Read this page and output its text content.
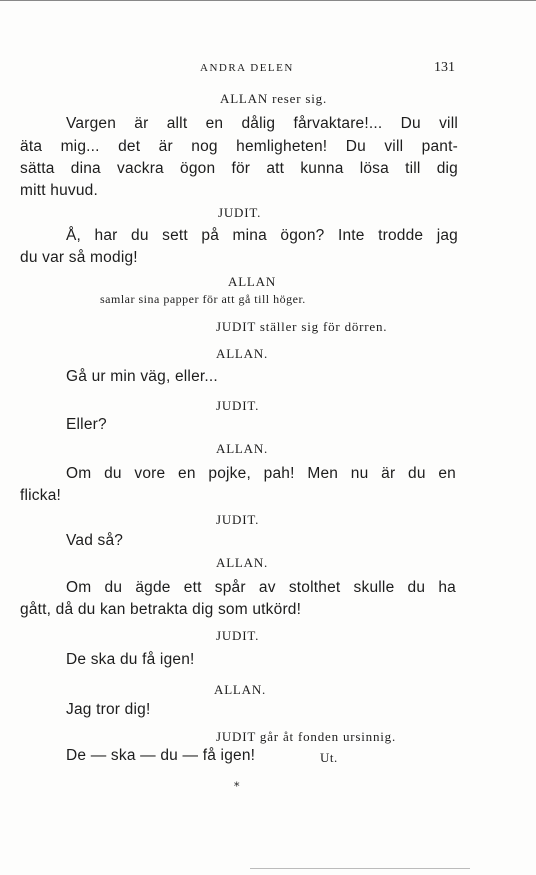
ANDRA DELEN	131
ALLAN reser sig.
Vargen är allt en dålig fårvaktare!... Du vill
äta mig... det är nog hemligheten! Du vill pant-
sätta dina vackra ögon för att kunna lösa till dig
mitt huvud.
JUDIT.
Å, har du sett på mina ögon? Inte trodde jag
du var så modig!
ALLAN
samlar sina papper för att gå till höger.
JUDIT ställer sig för dörren.
ALLAN.
Gå ur min väg, eller...
JUDIT.
Eller?
ALLAN.
Om du vore en pojke, pah! Men nu är du en
flicka!
JUDIT.
Vad så?
ALLAN.
Om du ägde ett spår av stolthet skulle du ha
gått, då du kan betrakta dig som utkörd!
JUDIT.
De ska du få igen!
ALLAN.
Jag tror dig!
JUDIT går åt fonden ursinnig.
De — ska — du — få igen!	Ut.
*
